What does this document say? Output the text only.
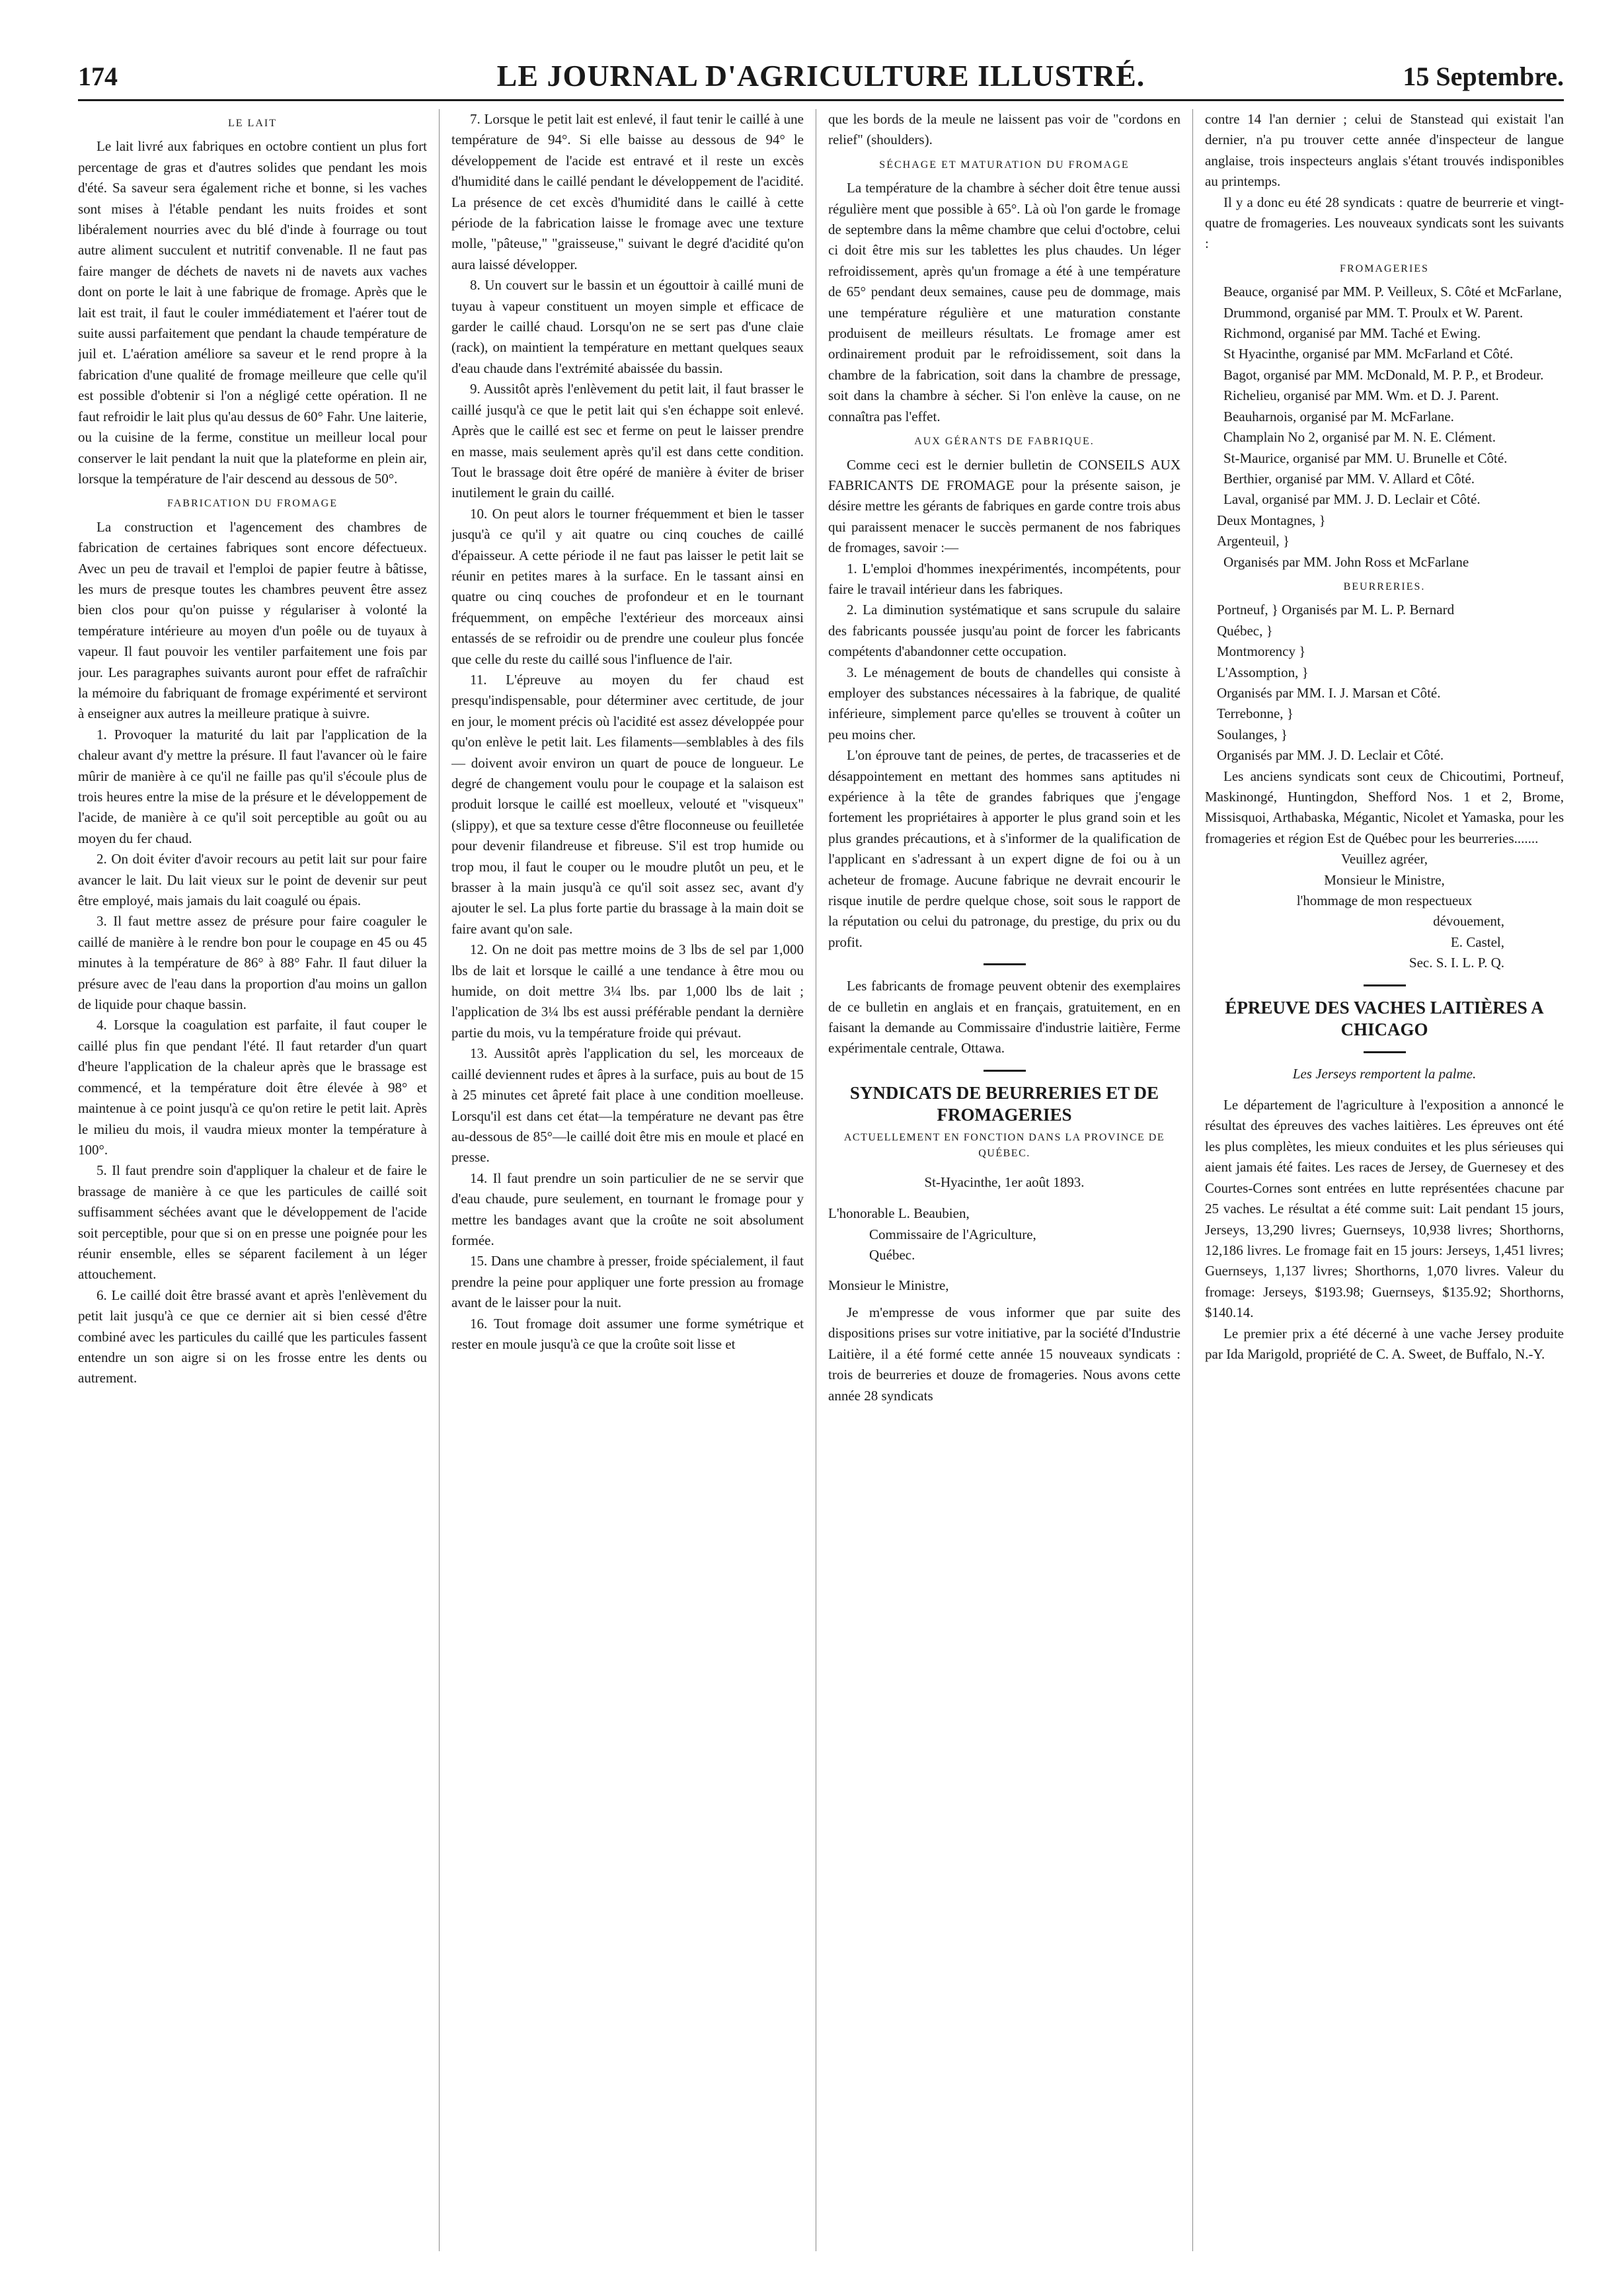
174	LE JOURNAL D'AGRICULTURE ILLUSTRÉ.	15 Septembre.
LE LAIT

Le lait livré aux fabriques en octobre contient un plus fort percentage de gras et d'autres solides que pendant les mois d'été. Sa saveur sera également riche et bonne, si les vaches sont mises à l'étable pendant les nuits froides et sont libéralement nourries avec du blé d'inde à fourrage ou tout autre aliment succulent et nutritif convenable. Il ne faut pas faire manger de déchets de navets ni de navets aux vaches dont on porte le lait à une fabrique de fromage. Après que le lait est trait, il faut le couler immédiatement et l'aérer tout de suite aussi parfaitement que pendant la chaude température de juil et. L'aération améliore sa saveur et le rend propre à la fabrication d'une qualité de fromage meilleure que celle qu'il est possible d'obtenir si l'on a négligé cette opération. Il ne faut refroidir le lait plus qu'au dessus de 60° Fahr. Une laiterie, ou la cuisine de la ferme, constitue un meilleur local pour conserver le lait pendant la nuit que la plateforme en plein air, lorsque la température de l'air descend au dessous de 50°.

FABRICATION DU FROMAGE

La construction et l'agencement des chambres de fabrication de certaines fabriques sont encore défectueux. Avec un peu de travail et l'emploi de papier feutre à bâtisse, les murs de presque toutes les chambres peuvent être assez bien clos pour qu'on puisse y régulariser à volonté la température intérieure au moyen d'un poêle ou de tuyaux à vapeur. Il faut pouvoir les ventiler parfaitement une fois par jour. Les paragraphes suivants auront pour effet de rafraîchir la mémoire du fabriquant de fromage expérimenté et serviront à enseigner aux autres la meilleure pratique à suivre.

1. Provoquer la maturité du lait par l'application de la chaleur avant d'y mettre la présure. Il faut l'avancer où le faire mûrir de manière à ce qu'il ne faille pas qu'il s'écoule plus de trois heures entre la mise de la présure et le développement de l'acide, de manière à ce qu'il soit perceptible au goût ou au moyen du fer chaud.

2. On doit éviter d'avoir recours au petit lait sur pour faire avancer le lait. Du lait vieux sur le point de devenir sur peut être employé, mais jamais du lait coagulé ou épais.

3. Il faut mettre assez de présure pour faire coaguler le caillé de manière à le rendre bon pour le coupage en 45 ou 45 minutes à la température de 86° à 88° Fahr. Il faut diluer la présure avec de l'eau dans la proportion d'au moins un gallon de liquide pour chaque bassin.

4. Lorsque la coagulation est parfaite, il faut couper le caillé plus fin que pendant l'été. Il faut retarder d'un quart d'heure l'application de la chaleur après que le brassage est commencé, et la température doit être élevée à 98° et maintenue à ce point jusqu'à ce qu'on retire le petit lait. Après le milieu du mois, il vaudra mieux monter la température à 100°.

5. Il faut prendre soin d'appliquer la chaleur et de faire le brassage de manière à ce que les particules de caillé soit suffisamment séchées avant que le développement de l'acide soit perceptible, pour que si on en presse une poignée pour les réunir ensemble, elles se séparent facilement à un léger attouchement.

6. Le caillé doit être brassé avant et après l'enlèvement du petit lait jusqu'à ce que ce dernier ait si bien cessé d'être combiné avec les particules du caillé que les particules fassent entendre un son aigre si on les frosse entre les dents ou autrement.

7. Lorsque le petit lait est enlevé, il faut tenir le caillé à une température de 94°. Si elle baisse au dessous de 94° le développement de l'acide est entravé et il reste un excès d'humidité dans le caillé pendant le développement de l'acidité. La présence de cet excès d'humidité dans le caillé à cette période de la fabrication laisse le fromage avec une texture molle, "pâteuse," "graisseuse," suivant le degré d'acidité qu'on aura laissé développer.

8. Un couvert sur le bassin et un égouttoir à caillé muni de tuyau à vapeur constituent un moyen simple et efficace de garder le caillé chaud. Lorsqu'on ne se sert pas d'une claie (rack), on maintient la température en mettant quelques seaux d'eau chaude dans l'extrémité abaissée du bassin.

9. Aussitôt après l'enlèvement du petit lait, il faut brasser le caillé jusqu'à ce que le petit lait qui s'en échappe soit enlevé. Après que le caillé est sec et ferme on peut le laisser prendre en masse, mais seulement après qu'il est dans cette condition. Tout le brassage doit être opéré de manière à éviter de briser inutilement le grain du caillé.

10. On peut alors le tourner fréquemment et bien le tasser jusqu'à ce qu'il y ait quatre ou cinq couches de caillé d'épaisseur. A cette période il ne faut pas laisser le petit lait se réunir en petites mares à la surface. En le tassant ainsi en quatre ou cinq couches de profondeur et en le tournant fréquemment, on empêche l'extérieur des morceaux ainsi entassés de se refroidir ou de prendre une couleur plus foncée que celle du reste du caillé sous l'influence de l'air.

11. L'épreuve au moyen du fer chaud est presqu'indispensable, pour déterminer avec certitude, de jour en jour, le moment précis où l'acidité est assez développée pour qu'on enlève le petit lait. Les filaments—semblables à des fils — doivent avoir environ un quart de pouce de longueur. Le degré de changement voulu pour le coupage et la salaison est produit lorsque le caillé est moelleux, velouté et "visqueux" (slippy), et que sa texture cesse d'être floconneuse ou feuilletée pour devenir filandreuse et fibreuse. S'il est trop humide ou trop mou, il faut le couper ou le moudre plutôt un peu, et le brasser à la main jusqu'à ce qu'il soit assez sec, avant d'y ajouter le sel. La plus forte partie du brassage à la main doit se faire avant qu'on sale.

12. On ne doit pas mettre moins de 3 lbs de sel par 1,000 lbs de lait et lorsque le caillé a une tendance à être mou ou humide, on doit mettre 3¼ lbs. par 1,000 lbs de lait ; l'application de 3¼ lbs est aussi préférable pendant la dernière partie du mois, vu la température froide qui prévaut.

13. Aussitôt après l'application du sel, les morceaux de caillé deviennent rudes et âpres à la surface, puis au bout de 15 à 25 minutes cet âpreté fait place à une condition moelleuse. Lorsqu'il est dans cet état—la température ne devant pas être au-dessous de 85°—le caillé doit être mis en moule et placé en presse.

14. Il faut prendre un soin particulier de ne se servir que d'eau chaude, pure seulement, en tournant le fromage pour y mettre les bandages avant que la croûte ne soit absolument formée.

15. Dans une chambre à presser, froide spécialement, il faut prendre la peine pour appliquer une forte pression au fromage avant de le laisser pour la nuit.

16. Tout fromage doit assumer une forme symétrique et rester en moule jusqu'à ce que la croûte soit lisse et

que les bords de la meule ne laissent pas voir de "cordons en relief" (shoulders).

SÉCHAGE ET MATURATION DU FROMAGE

La température de la chambre à sécher doit être tenue aussi régulière ment que possible à 65°. Là où l'on garde le fromage de septembre dans la même chambre que celui d'octobre, celui ci doit être mis sur les tablettes les plus chaudes. Un léger refroidissement, après qu'un fromage a été à une température de 65° pendant deux semaines, cause peu de dommage, mais une température régulière et une maturation constante produisent de meilleurs résultats. Le fromage amer est ordinairement produit par le refroidissement, soit dans la chambre de la fabrication, soit dans la chambre de pressage, soit dans la chambre à sécher. Si l'on enlève la cause, on ne connaîtra pas l'effet.

AUX GÉRANTS DE FABRIQUE.

Comme ceci est le dernier bulletin de CONSEILS AUX FABRICANTS DE FROMAGE pour la présente saison, je désire mettre les gérants de fabriques en garde contre trois abus qui paraissent menacer le succès permanent de nos fabriques de fromages, savoir :—

1. L'emploi d'hommes inexpérimentés, incompétents, pour faire le travail intérieur dans les fabriques.

2. La diminution systématique et sans scrupule du salaire des fabricants poussée jusqu'au point de forcer les fabricants compétents d'abandonner cette occupation.

3. Le ménagement de bouts de chandelles qui consiste à employer des substances nécessaires à la fabrique, de qualité inférieure, simplement parce qu'elles se trouvent à coûter un peu moins cher.

L'on éprouve tant de peines, de pertes, de tracasseries et de désappointement en mettant des hommes sans aptitudes ni expérience à la tête de grandes fabriques que j'engage fortement les propriétaires à apporter le plus grand soin et les plus grandes précautions, et à s'informer de la qualification de l'applicant en s'adressant à un expert digne de foi ou à un acheteur de fromage. Aucune fabrique ne devrait encourir le risque inutile de perdre quelque chose, soit sous le rapport de la réputation ou celui du patronage, du prestige, du prix ou du profit.

Les fabricants de fromage peuvent obtenir des exemplaires de ce bulletin en anglais et en français, gratuitement, en en faisant la demande au Commissaire d'industrie laitière, Ferme expérimentale centrale, Ottawa.

SYNDICATS DE BEURRERIES ET DE FROMAGERIES
ACTUELLEMENT EN FONCTION DANS LA PROVINCE DE QUÉBEC.

St-Hyacinthe, 1er août 1893.

L'honorable L. Beaubien,

Commissaire de l'Agriculture,

Québec.

Monsieur le Ministre,

Je m'empresse de vous informer que par suite des dispositions prises sur votre initiative, par la société d'Industrie Laitière, il a été formé cette année 15 nouveaux syndicats : trois de beurreries et douze de fromageries. Nous avons cette année 28 syndicats

contre 14 l'an dernier ; celui de Stanstead qui existait l'an dernier, n'a pu trouver cette année d'inspecteur de langue anglaise, trois inspecteurs anglais s'étant trouvés indisponibles au printemps.

Il y a donc eu été 28 syndicats : quatre de beurrerie et vingt-quatre de fromageries. Les nouveaux syndicats sont les suivants :

FROMAGERIES

Beauce, organisé par MM. P. Veilleux, S. Côté et McFarlane,

Drummond, organisé par MM. T. Proulx et W. Parent.

Richmond, organisé par MM. Taché et Ewing.

St Hyacinthe, organisé par MM. McFarland et Côté.

Bagot, organisé par MM. McDonald, M. P. P., et Brodeur.

Richelieu, organisé par MM. Wm. et D. J. Parent.

Beauharnois, organisé par M. McFarlane.

Champlain No 2, organisé par M. N. E. Clément.

St-Maurice, organisé par MM. U. Brunelle et Côté.

Berthier, organisé par MM. V. Allard et Côté.

Laval, organisé par MM. J. D. Leclair et Côté.

Deux Montagnes, }

Argenteuil, }

Organisés par MM. John Ross et McFarlane

BEURRERIES.

Portneuf, } Organisés par M. L. P. Bernard

Québec, }

Montmorency }

L'Assomption, }

Organisés par MM. I. J. Marsan et Côté.

Terrebonne, }

Soulanges, }

Organisés par MM. J. D. Leclair et Côté.

Les anciens syndicats sont ceux de Chicoutimi, Portneuf, Maskinongé, Huntingdon, Shefford Nos. 1 et 2, Brome, Missisquoi, Arthabaska, Mégantic, Nicolet et Yamaska, pour les fromageries et région Est de Québec pour les beurreries.......

Veuillez agréer,

Monsieur le Ministre,

l'hommage de mon respectueux

dévouement,

E. Castel,

Sec. S. I. L. P. Q.

ÉPREUVE DES VACHES LAITIÈRES A CHICAGO

Les Jerseys remportent la palme.

Le département de l'agriculture à l'exposition a annoncé le résultat des épreuves des vaches laitières. Les épreuves ont été les plus complètes, les mieux conduites et les plus sérieuses qui aient jamais été faites. Les races de Jersey, de Guernesey et des Courtes-Cornes sont entrées en lutte représentées chacune par 25 vaches. Le résultat a été comme suit: Lait pendant 15 jours, Jerseys, 13,290 livres; Guernseys, 10,938 livres; Shorthorns, 12,186 livres. Le fromage fait en 15 jours: Jerseys, 1,451 livres; Guernseys, 1,137 livres; Shorthorns, 1,070 livres. Valeur du fromage: Jerseys, $193.98; Guernseys, $135.92; Shorthorns, $140.14.

Le premier prix a été décerné à une vache Jersey produite par Ida Marigold, propriété de C. A. Sweet, de Buffalo, N.-Y.
